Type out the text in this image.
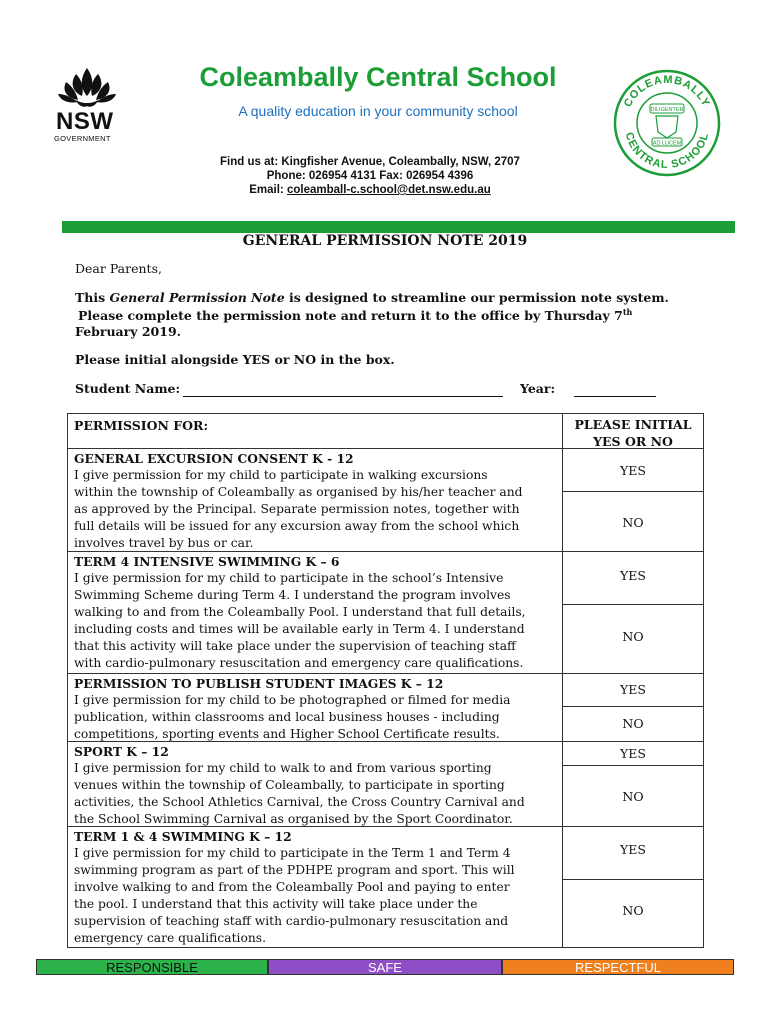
NSW
GOVERNMENT
Coleambally Central School
A quality education in your community school
COLEAMBALLY
CENTRAL SCHOOL
DILIGENTER
AD LUCEM
Find us at: Kingfisher Avenue, Coleambally, NSW, 2707
Phone: 026954 4131 Fax: 026954 4396
Email: coleamball-c.school@det.nsw.edu.au
GENERAL PERMISSION NOTE 2019
Dear Parents,
This General Permission Note is designed to streamline our permission note system.
Please complete the permission note and return it to the office by Thursday 7th
February 2019.
Please initial alongside YES or NO in the box.
Student Name:	Year:
PERMISSION FOR:	PLEASE INITIAL
YES OR NO
GENERAL EXCURSION CONSENT K - 12
I give permission for my child to participate in walking excursions
within the township of Coleambally as organised by his/her teacher and
as approved by the Principal. Separate permission notes, together with
full details will be issued for any excursion away from the school which
involves travel by bus or car.
YES
NO
TERM 4 INTENSIVE SWIMMING K – 6
I give permission for my child to participate in the school’s Intensive
Swimming Scheme during Term 4. I understand the program involves
walking to and from the Coleambally Pool. I understand that full details,
including costs and times will be available early in Term 4. I understand
that this activity will take place under the supervision of teaching staff
with cardio-pulmonary resuscitation and emergency care qualifications.
YES
NO
PERMISSION TO PUBLISH STUDENT IMAGES K – 12
I give permission for my child to be photographed or filmed for media
publication, within classrooms and local business houses - including
competitions, sporting events and Higher School Certificate results.
YES
NO
SPORT K – 12
I give permission for my child to walk to and from various sporting
venues within the township of Coleambally, to participate in sporting
activities, the School Athletics Carnival, the Cross Country Carnival and
the School Swimming Carnival as organised by the Sport Coordinator.
YES
NO
TERM 1 & 4 SWIMMING K – 12
I give permission for my child to participate in the Term 1 and Term 4
swimming program as part of the PDHPE program and sport. This will
involve walking to and from the Coleambally Pool and paying to enter
the pool. I understand that this activity will take place under the
supervision of teaching staff with cardio-pulmonary resuscitation and
emergency care qualifications.
YES
NO
RESPONSIBLE	SAFE	RESPECTFUL
